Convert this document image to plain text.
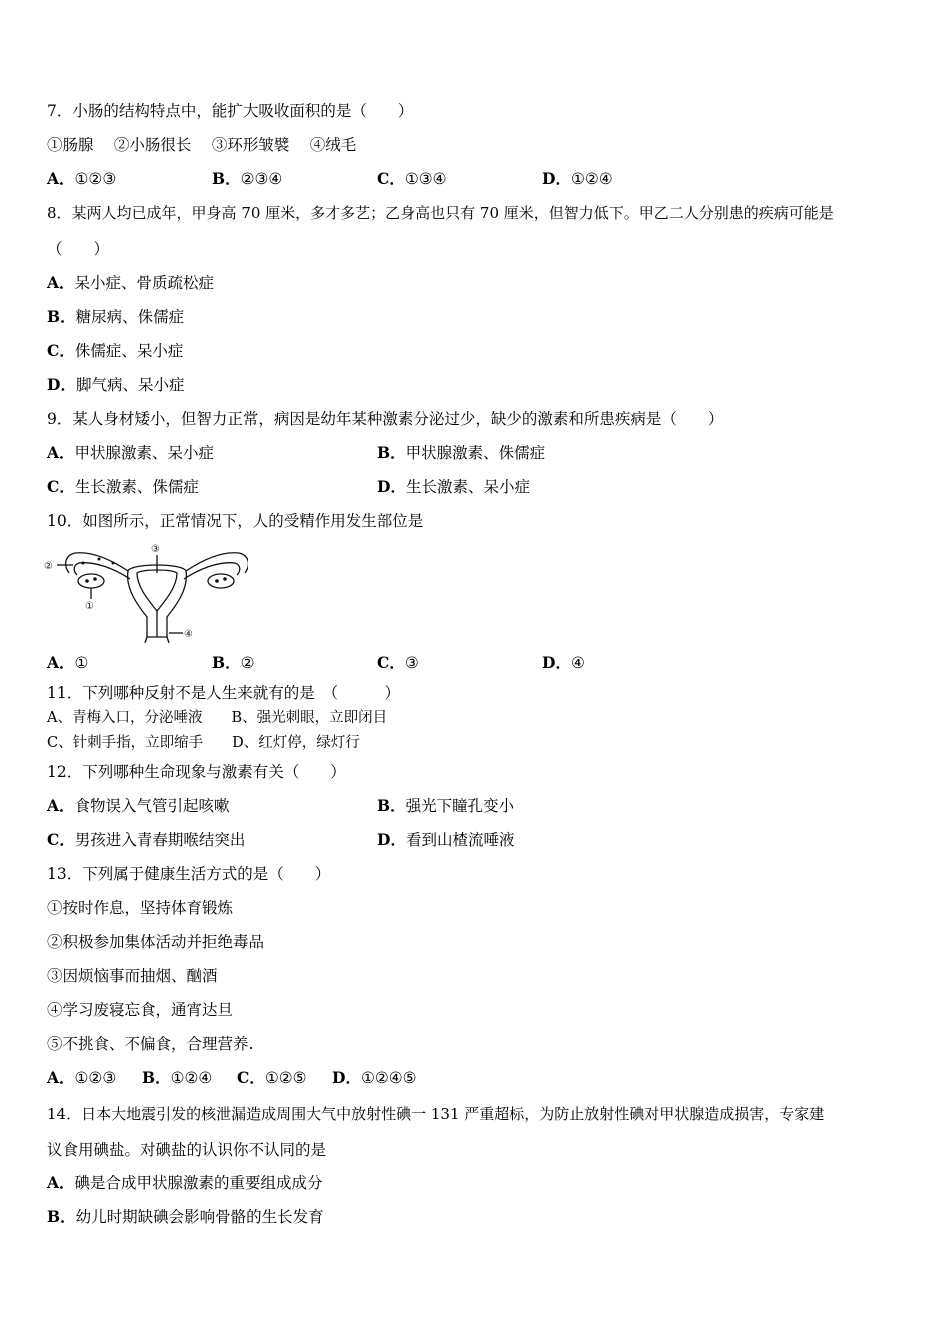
7．小肠的结构特点中，能扩大吸收面积的是（　　）
①肠腺　 ②小肠很长　 ③环形皱襞　 ④绒毛
A．①②③	B．②③④	C．①③④	D．①②④
8．某两人均已成年，甲身高 70 厘米，多才多艺；乙身高也只有 70 厘米，但智力低下。甲乙二人分别患的疾病可能是
（　　）
A．呆小症、骨质疏松症
B．糖尿病、侏儒症
C．侏儒症、呆小症
D．脚气病、呆小症
9．某人身材矮小，但智力正常，病因是幼年某种激素分泌过少，缺少的激素和所患疾病是（　　）
A．甲状腺激素、呆小症	B．甲状腺激素、侏儒症
C．生长激素、侏儒症	D．生长激素、呆小症
10．如图所示，正常情况下，人的受精作用发生部位是
①
②
③
④
A．①	B．②	C．③	D．④
11．下列哪种反射不是人生来就有的是　（　　　）
A、青梅入口，分泌唾液　　B、强光刺眼，立即闭目
C、针刺手指，立即缩手　　D、红灯停，绿灯行
12．下列哪种生命现象与激素有关（　　）
A．食物误入气管引起咳嗽	B．强光下瞳孔变小
C．男孩进入青春期喉结突出	D．看到山楂流唾液
13．下列属于健康生活方式的是（　　）
①按时作息，坚持体育锻炼
②积极参加集体活动并拒绝毒品
③因烦恼事而抽烟、酗酒
④学习废寝忘食，通宵达旦
⑤不挑食、不偏食，合理营养.
A．①②③ B．①②④ C．①②⑤ D．①②④⑤
14．日本大地震引发的核泄漏造成周围大气中放射性碘一 131 严重超标，为防止放射性碘对甲状腺造成损害，专家建
议食用碘盐。对碘盐的认识你不认同的是
A．碘是合成甲状腺激素的重要组成成分
B．幼儿时期缺碘会影响骨骼的生长发育
